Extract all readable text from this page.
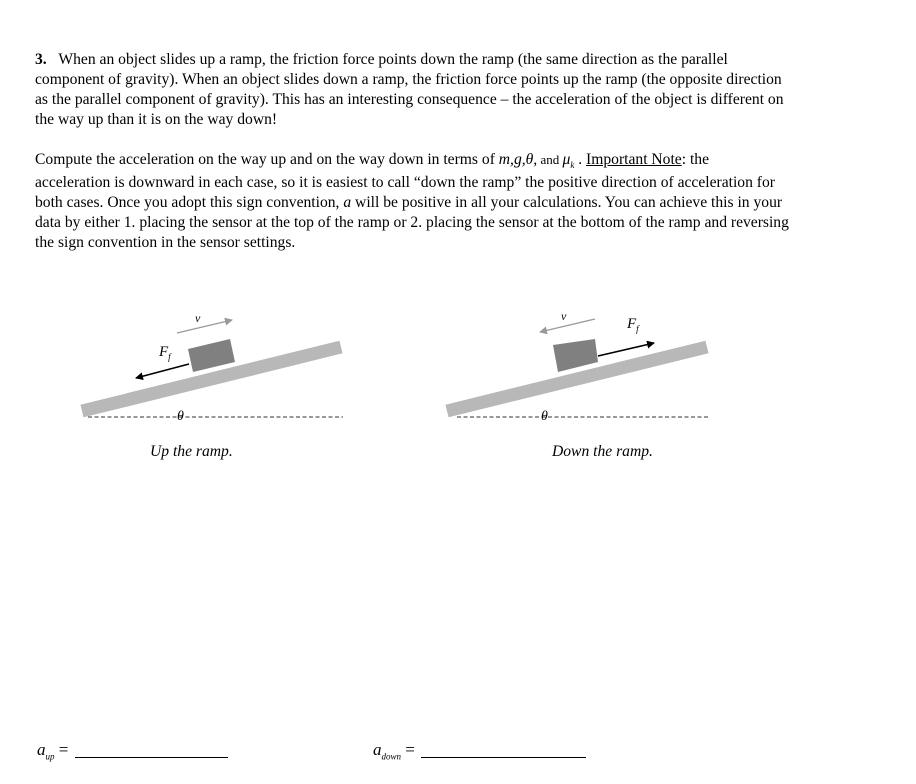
3. When an object slides up a ramp, the friction force points down the ramp (the same direction as the parallel
component of gravity). When an object slides down a ramp, the friction force points up the ramp (the opposite direction
as the parallel component of gravity). This has an interesting consequence – the acceleration of the object is different on
the way up than it is on the way down!
Compute the acceleration on the way up and on the way down in terms of m,g,θ, and $\mu_k$ . Important Note: the
acceleration is downward in each case, so it is easiest to call “down the ramp” the positive direction of acceleration for
both cases. Once you adopt this sign convention, a will be positive in all your calculations. You can achieve this in your
data by either 1. placing the sensor at the top of the ramp or 2. placing the sensor at the bottom of the ramp and reversing
the sign convention in the sensor settings.
$F_f$
v⃗
θ
$F_f$
v⃗
θ
Up the ramp.	Down the ramp.
$a_{up}$ =	$a_{down}$ =
